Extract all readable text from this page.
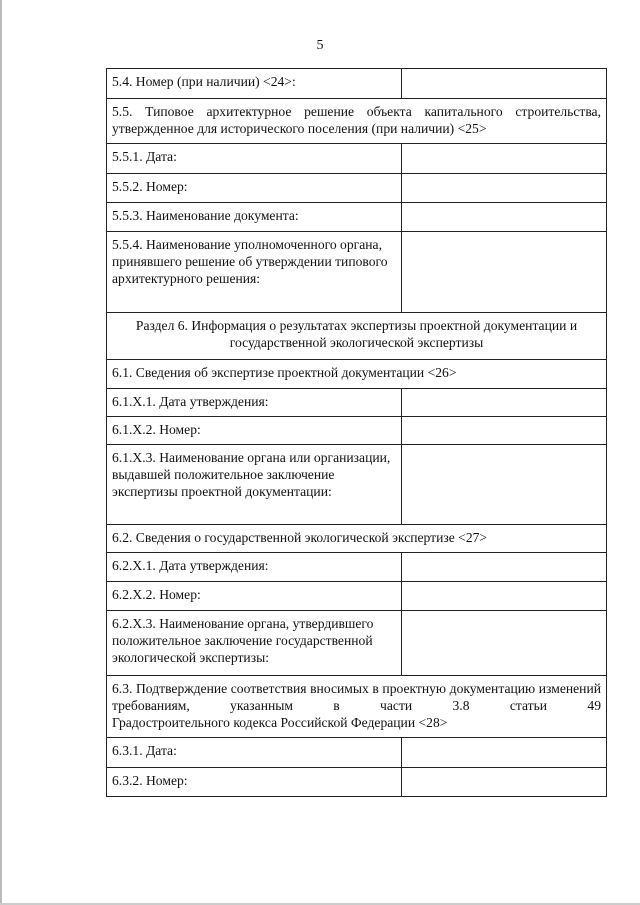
5
5.4. Номер (при наличии) <24>:	
5.5. Типовое архитектурное решение объекта капитального строительства, утвержденное для исторического поселения (при наличии) <25>	
5.5.1. Дата:	
5.5.2. Номер:	
5.5.3. Наименование документа:	
5.5.4. Наименование уполномоченного органа, принявшего решение об утверждении типового архитектурного решения:	
Раздел 6. Информация о результатах экспертизы проектной документации и государственной экологической экспертизы	
6.1. Сведения об экспертизе проектной документации <26>	
6.1.X.1. Дата утверждения:	
6.1.X.2. Номер:	
6.1.X.3. Наименование органа или организации, выдавшей положительное заключение экспертизы проектной документации:	
6.2. Сведения о государственной экологической экспертизе <27>	
6.2.X.1. Дата утверждения:	
6.2.X.2. Номер:	
6.2.X.3. Наименование органа, утвердившего положительное заключение государственной экологической экспертизы:	

6.3. Подтверждение соответствия вносимых в проектную документацию изменений требованиям, указанным в части 3.8 статьи 49
Градостроительного кодекса Российской Федерации <28>	

6.3.1. Дата:	
6.3.2. Номер:	
